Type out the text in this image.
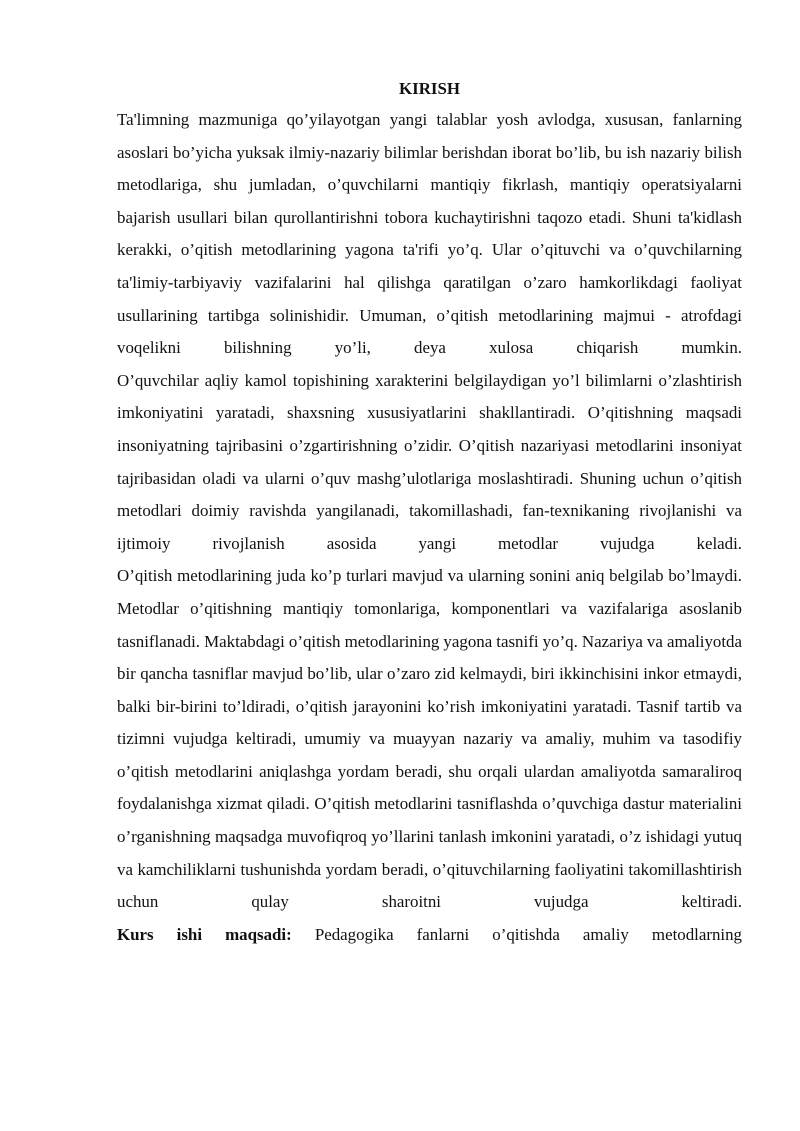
KIRISH

Ta'limning mazmuniga qo’yilayotgan yangi talablar yosh avlodga, xususan, fanlarning asoslari bo’yicha yuksak ilmiy-nazariy bilimlar berishdan iborat bo’lib, bu ish nazariy bilish metodlariga, shu jumladan, o’quvchilarni mantiqiy fikrlash, mantiqiy operatsiyalarni bajarish usullari bilan qurollantirishni tobora kuchaytirishni taqozo etadi. Shuni ta'kidlash kerakki, o’qitish metodlarining yagona ta'rifi yo’q. Ular o’qituvchi va o’quvchilarning ta'limiy-tarbiyaviy vazifalarini hal qilishga qaratilgan o’zaro hamkorlikdagi faoliyat usullarining tartibga solinishidir. Umuman, o’qitish metodlarining majmui - atrofdagi voqelikni bilishning yo’li, deya xulosa chiqarish mumkin.

O’quvchilar aqliy kamol topishining xarakterini belgilaydigan yo’l bilimlarni o’zlashtirish imkoniyatini yaratadi, shaxsning xususiyatlarini shakllantiradi. O’qitishning maqsadi insoniyatning tajribasini o’zgartirishning o’zidir. O’qitish nazariyasi metodlarini insoniyat tajribasidan oladi va ularni o’quv mashg’ulotlariga moslashtiradi. Shuning uchun o’qitish metodlari doimiy ravishda yangilanadi, takomillashadi, fan-texnikaning rivojlanishi va ijtimoiy rivojlanish asosida yangi metodlar vujudga keladi.

O’qitish metodlarining juda ko’p turlari mavjud va ularning sonini aniq belgilab bo’lmaydi. Metodlar o’qitishning mantiqiy tomonlariga, komponentlari va vazifalariga asoslanib tasniflanadi. Maktabdagi o’qitish metodlarining yagona tasnifi yo’q. Nazariya va amaliyotda bir qancha tasniflar mavjud bo’lib, ular o’zaro zid kelmaydi, biri ikkinchisini inkor etmaydi, balki bir-birini to’ldiradi, o’qitish jarayonini ko’rish imkoniyatini yaratadi. Tasnif tartib va tizimni vujudga keltiradi, umumiy va muayyan nazariy va amaliy, muhim va tasodifiy o’qitish metodlarini aniqlashga yordam beradi, shu orqali ulardan amaliyotda samaraliroq foydalanishga xizmat qiladi. O’qitish metodlarini tasniflashda o’quvchiga dastur materialini o’rganishning maqsadga muvofiqroq yo’llarini tanlash imkonini yaratadi, o’z ishidagi yutuq va kamchiliklarni tushunishda yordam beradi, o’qituvchilarning faoliyatini takomillashtirish uchun qulay sharoitni vujudga keltiradi.

Kurs ishi maqsadi: Pedagogika fanlarni o’qitishda amaliy metodlarning
